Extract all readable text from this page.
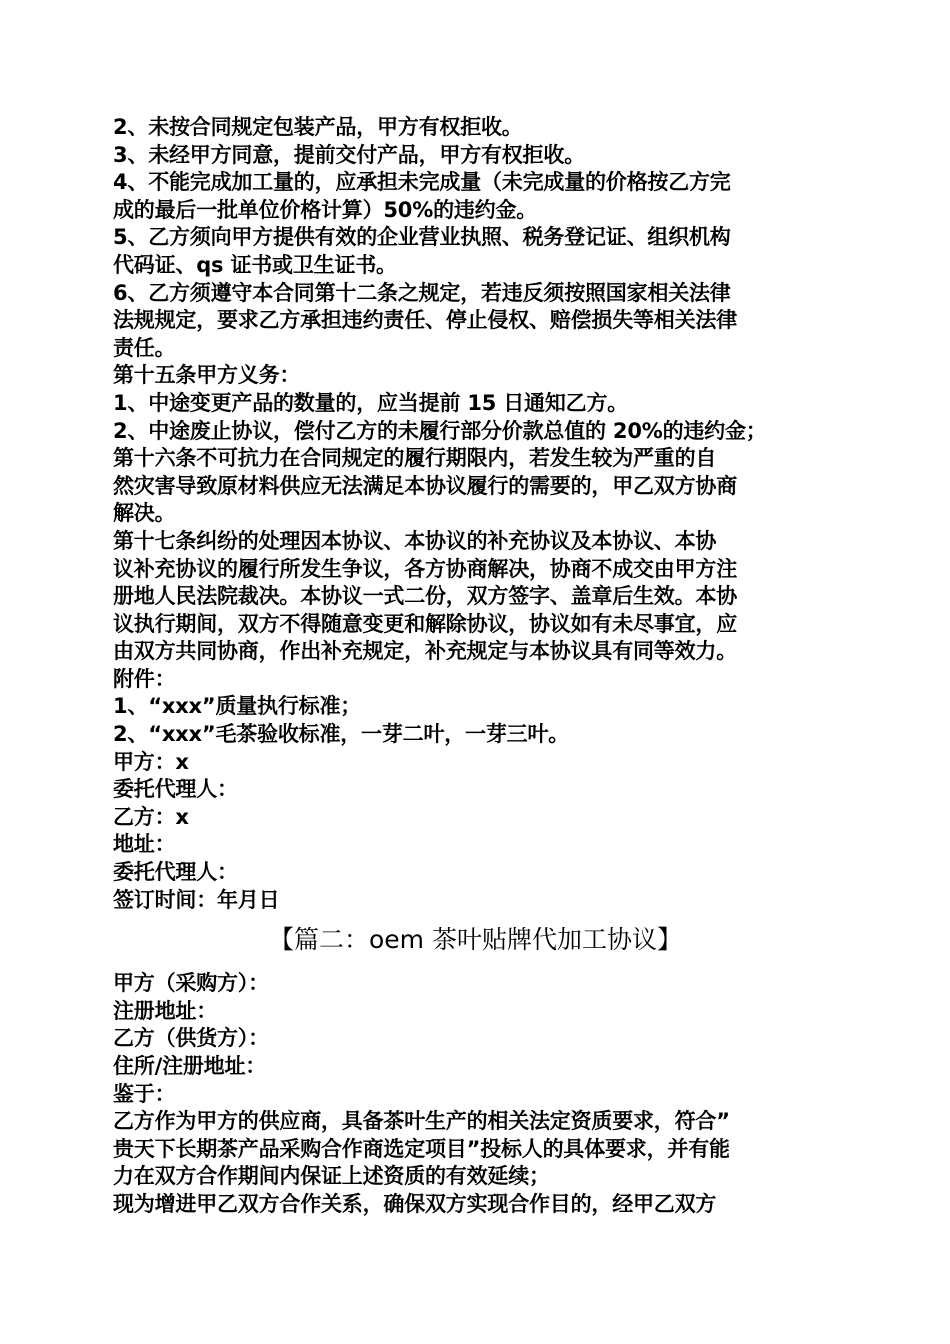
2、未按合同规定包装产品，甲方有权拒收。
3、未经甲方同意，提前交付产品，甲方有权拒收。
4、不能完成加工量的，应承担未完成量（未完成量的价格按乙方完
成的最后一批单位价格计算）50%的违约金。
5、乙方须向甲方提供有效的企业营业执照、税务登记证、组织机构
代码证、qs 证书或卫生证书。
6、乙方须遵守本合同第十二条之规定，若违反须按照国家相关法律
法规规定，要求乙方承担违约责任、停止侵权、赔偿损失等相关法律
责任。
第十五条甲方义务：
1、中途变更产品的数量的，应当提前 15 日通知乙方。
2、中途废止协议，偿付乙方的未履行部分价款总值的 20%的违约金；
第十六条不可抗力在合同规定的履行期限内，若发生较为严重的自
然灾害导致原材料供应无法满足本协议履行的需要的，甲乙双方协商
解决。
第十七条纠纷的处理因本协议、本协议的补充协议及本协议、本协
议补充协议的履行所发生争议，各方协商解决，协商不成交由甲方注
册地人民法院裁决。本协议一式二份，双方签字、盖章后生效。本协
议执行期间，双方不得随意变更和解除协议，协议如有未尽事宜，应
由双方共同协商，作出补充规定，补充规定与本协议具有同等效力。
附件：
1、“xxx”质量执行标准；
2、“xxx”毛茶验收标准，一芽二叶，一芽三叶。
甲方：x
委托代理人：
乙方：x
地址：
委托代理人：
签订时间：年月日
【篇二：oem 茶叶贴牌代加工协议】
甲方（采购方）：
注册地址：
乙方（供货方）：
住所/注册地址：
鉴于：
乙方作为甲方的供应商，具备茶叶生产的相关法定资质要求，符合”
贵天下长期茶产品采购合作商选定项目”投标人的具体要求，并有能
力在双方合作期间内保证上述资质的有效延续；
现为增进甲乙双方合作关系，确保双方实现合作目的，经甲乙双方
